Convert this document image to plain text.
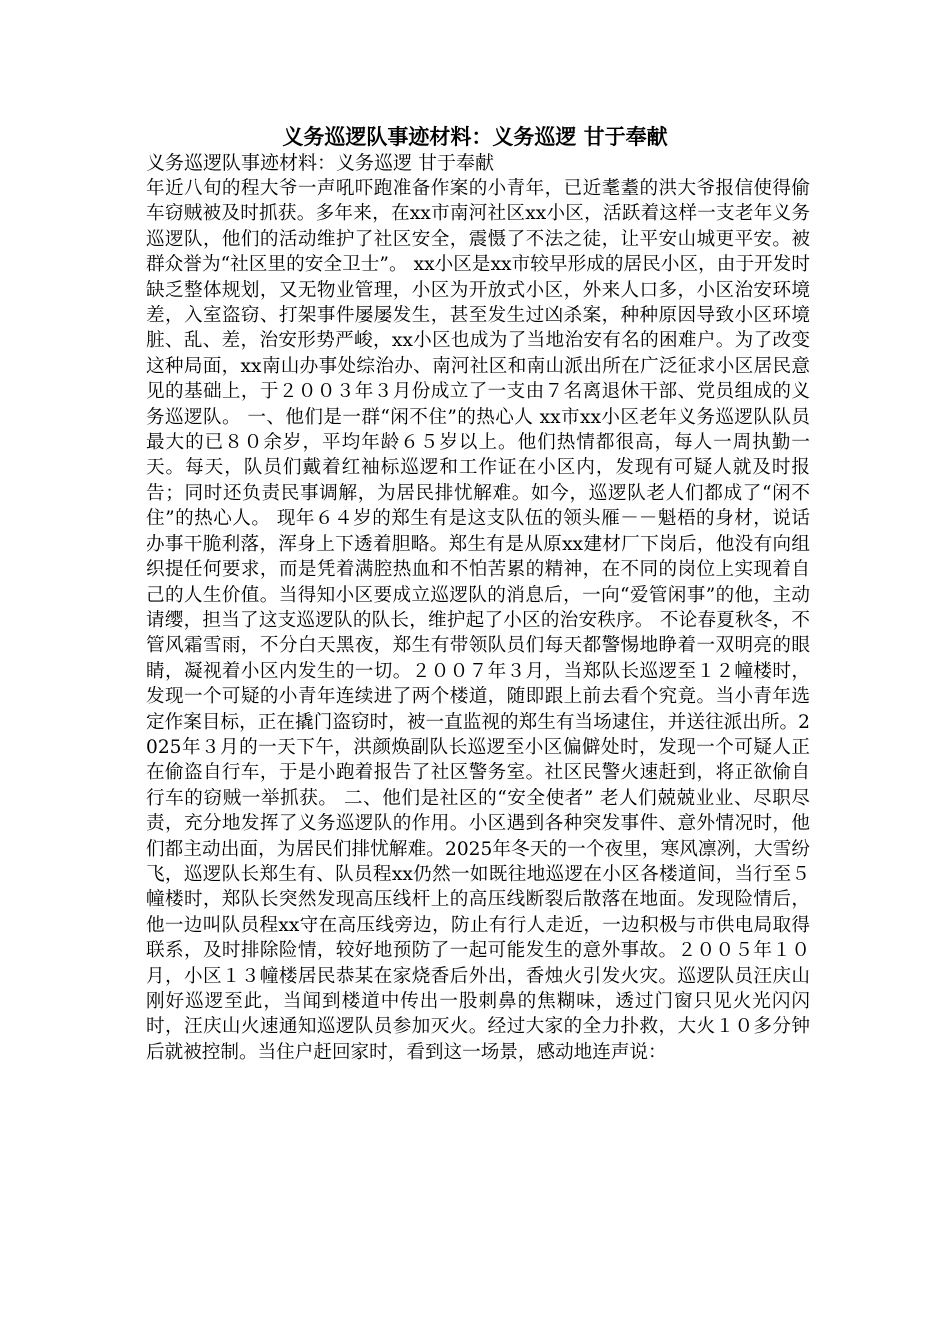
义务巡逻队事迹材料：义务巡逻 甘于奉献
义务巡逻队事迹材料：义务巡逻 甘于奉献
年近八旬的程大爷一声吼吓跑准备作案的小青年，已近耄耋的洪大爷报信使得偷车窃贼被及时抓获。多年来，在xx市南河社区xx小区，活跃着这样一支老年义务巡逻队，他们的活动维护了社区安全，震慑了不法之徒，让平安山城更平安。被群众誉为“社区里的安全卫士”。 xx小区是xx市较早形成的居民小区，由于开发时缺乏整体规划，又无物业管理，小区为开放式小区，外来人口多，小区治安环境差，入室盗窃、打架事件屡屡发生，甚至发生过凶杀案，种种原因导致小区环境脏、乱、差，治安形势严峻，xx小区也成为了当地治安有名的困难户。为了改变这种局面，xx南山办事处综治办、南河社区和南山派出所在广泛征求小区居民意见的基础上，于２００３年３月份成立了一支由７名离退休干部、党员组成的义务巡逻队。 一、他们是一群“闲不住”的热心人 xx市xx小区老年义务巡逻队队员最大的已８０余岁，平均年龄６５岁以上。他们热情都很高，每人一周执勤一天。每天，队员们戴着红袖标巡逻和工作证在小区内，发现有可疑人就及时报告；同时还负责民事调解，为居民排忧解难。如今，巡逻队老人们都成了“闲不住”的热心人。 现年６４岁的郑生有是这支队伍的领头雁－－魁梧的身材，说话办事干脆利落，浑身上下透着胆略。郑生有是从原xx建材厂下岗后，他没有向组织提任何要求，而是凭着满腔热血和不怕苦累的精神，在不同的岗位上实现着自己的人生价值。当得知小区要成立巡逻队的消息后，一向“爱管闲事”的他，主动请缨，担当了这支巡逻队的队长，维护起了小区的治安秩序。 不论春夏秋冬，不管风霜雪雨，不分白天黑夜，郑生有带领队员们每天都警惕地睁着一双明亮的眼睛，凝视着小区内发生的一切。２００７年３月，当郑队长巡逻至１２幢楼时，发现一个可疑的小青年连续进了两个楼道，随即跟上前去看个究竟。当小青年选定作案目标，正在撬门盗窃时，被一直监视的郑生有当场逮住，并送往派出所。2025年３月的一天下午，洪颜焕副队长巡逻至小区偏僻处时，发现一个可疑人正在偷盗自行车，于是小跑着报告了社区警务室。社区民警火速赶到，将正欲偷自行车的窃贼一举抓获。 二、他们是社区的“安全使者” 老人们兢兢业业、尽职尽责，充分地发挥了义务巡逻队的作用。小区遇到各种突发事件、意外情况时，他们都主动出面，为居民们排忧解难。2025年冬天的一个夜里，寒风凛冽，大雪纷飞，巡逻队长郑生有、队员程xx仍然一如既往地巡逻在小区各楼道间，当行至５幢楼时，郑队长突然发现高压线杆上的高压线断裂后散落在地面。发现险情后，他一边叫队员程xx守在高压线旁边，防止有行人走近，一边积极与市供电局取得联系，及时排除险情，较好地预防了一起可能发生的意外事故。２００５年１０月，小区１３幢楼居民恭某在家烧香后外出，香烛火引发火灾。巡逻队员汪庆山刚好巡逻至此，当闻到楼道中传出一股刺鼻的焦糊味，透过门窗只见火光闪闪时，汪庆山火速通知巡逻队员参加灭火。经过大家的全力扑救，大火１０多分钟后就被控制。当住户赶回家时，看到这一场景，感动地连声说：
